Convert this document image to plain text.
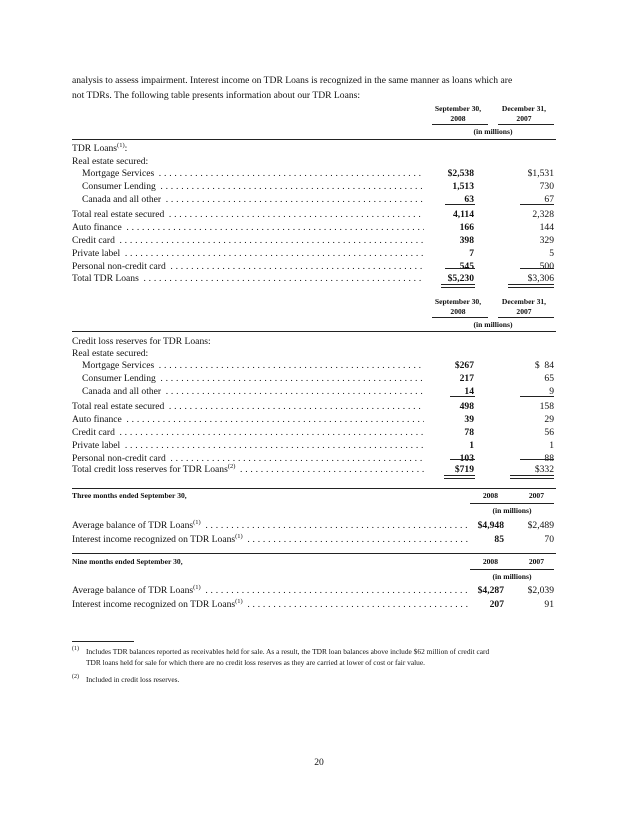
analysis to assess impairment. Interest income on TDR Loans is recognized in the same manner as loans which are
not TDRs. The following table presents information about our TDR Loans:
September 30,
2008
December 31,
2007
(in millions)
TDR Loans$^{(1)}$:
Real estate secured:
Mortgage Services . . .	$2,538	$1,531
Consumer Lending . . .	1,513	730
Canada and all other . . .	63	67
Total real estate secured . . .	4,114	2,328
Auto finance . . .	166	144
Credit card . . .	398	329
Private label . . .	7	5
Personal non-credit card . . .	545	500
Total TDR Loans . . .	$5,230	$3,306
September 30,
2008
December 31,
2007
(in millions)
Credit loss reserves for TDR Loans:
Real estate secured:
Mortgage Services . . .	$267	$  84
Consumer Lending . . .	217	65
Canada and all other . . .	14	9
Total real estate secured . . .	498	158
Auto finance . . .	39	29
Credit card . . .	78	56
Private label . . .	1	1
Personal non-credit card . . .	103	88
Total credit loss reserves for TDR Loans$^{(2)}$ . . .	$719	$332
Three months ended September 30,	2008	2007
(in millions)
Average balance of TDR Loans$^{(1)}$ . . .	$4,948	$2,489
Interest income recognized on TDR Loans$^{(1)}$ . . .	85	70
Nine months ended September 30,	2008	2007
(in millions)
Average balance of TDR Loans$^{(1)}$ . . .	$4,287	$2,039
Interest income recognized on TDR Loans$^{(1)}$ . . .	207	91
(1) Includes TDR balances reported as receivables held for sale. As a result, the TDR loan balances above include $62 million of credit card
TDR loans held for sale for which there are no credit loss reserves as they are carried at lower of cost or fair value.
(2) Included in credit loss reserves.
20
